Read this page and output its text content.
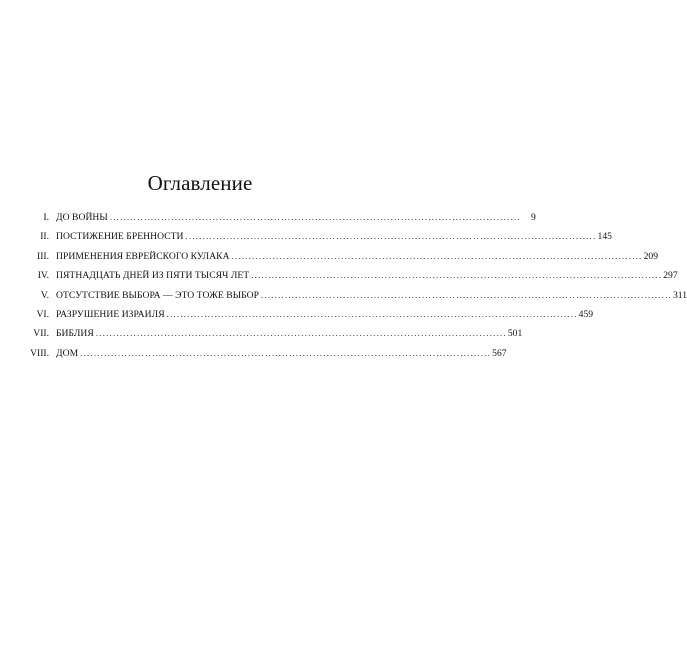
Оглавление
I. ДО ВОЙНЫ ........................................................................................................................	9
II. ПОСТИЖЕНИЕ БРЕННОСТИ ........................................................................................................................ 145
III. ПРИМЕНЕНИЯ ЕВРЕЙСКОГО КУЛАКА ........................................................................................................................ 209
IV. ПЯТНАДЦАТЬ ДНЕЙ ИЗ ПЯТИ ТЫСЯЧ ЛЕТ ........................................................................................................................ 297
V. ОТСУТСТВИЕ ВЫБОРА — ЭТО ТОЖЕ ВЫБОР ........................................................................................................................ 311
VI. РАЗРУШЕНИЕ ИЗРАИЛЯ ........................................................................................................................ 459
VII. БИБЛИЯ ........................................................................................................................ 501
VIII. ДОМ ........................................................................................................................ 567
